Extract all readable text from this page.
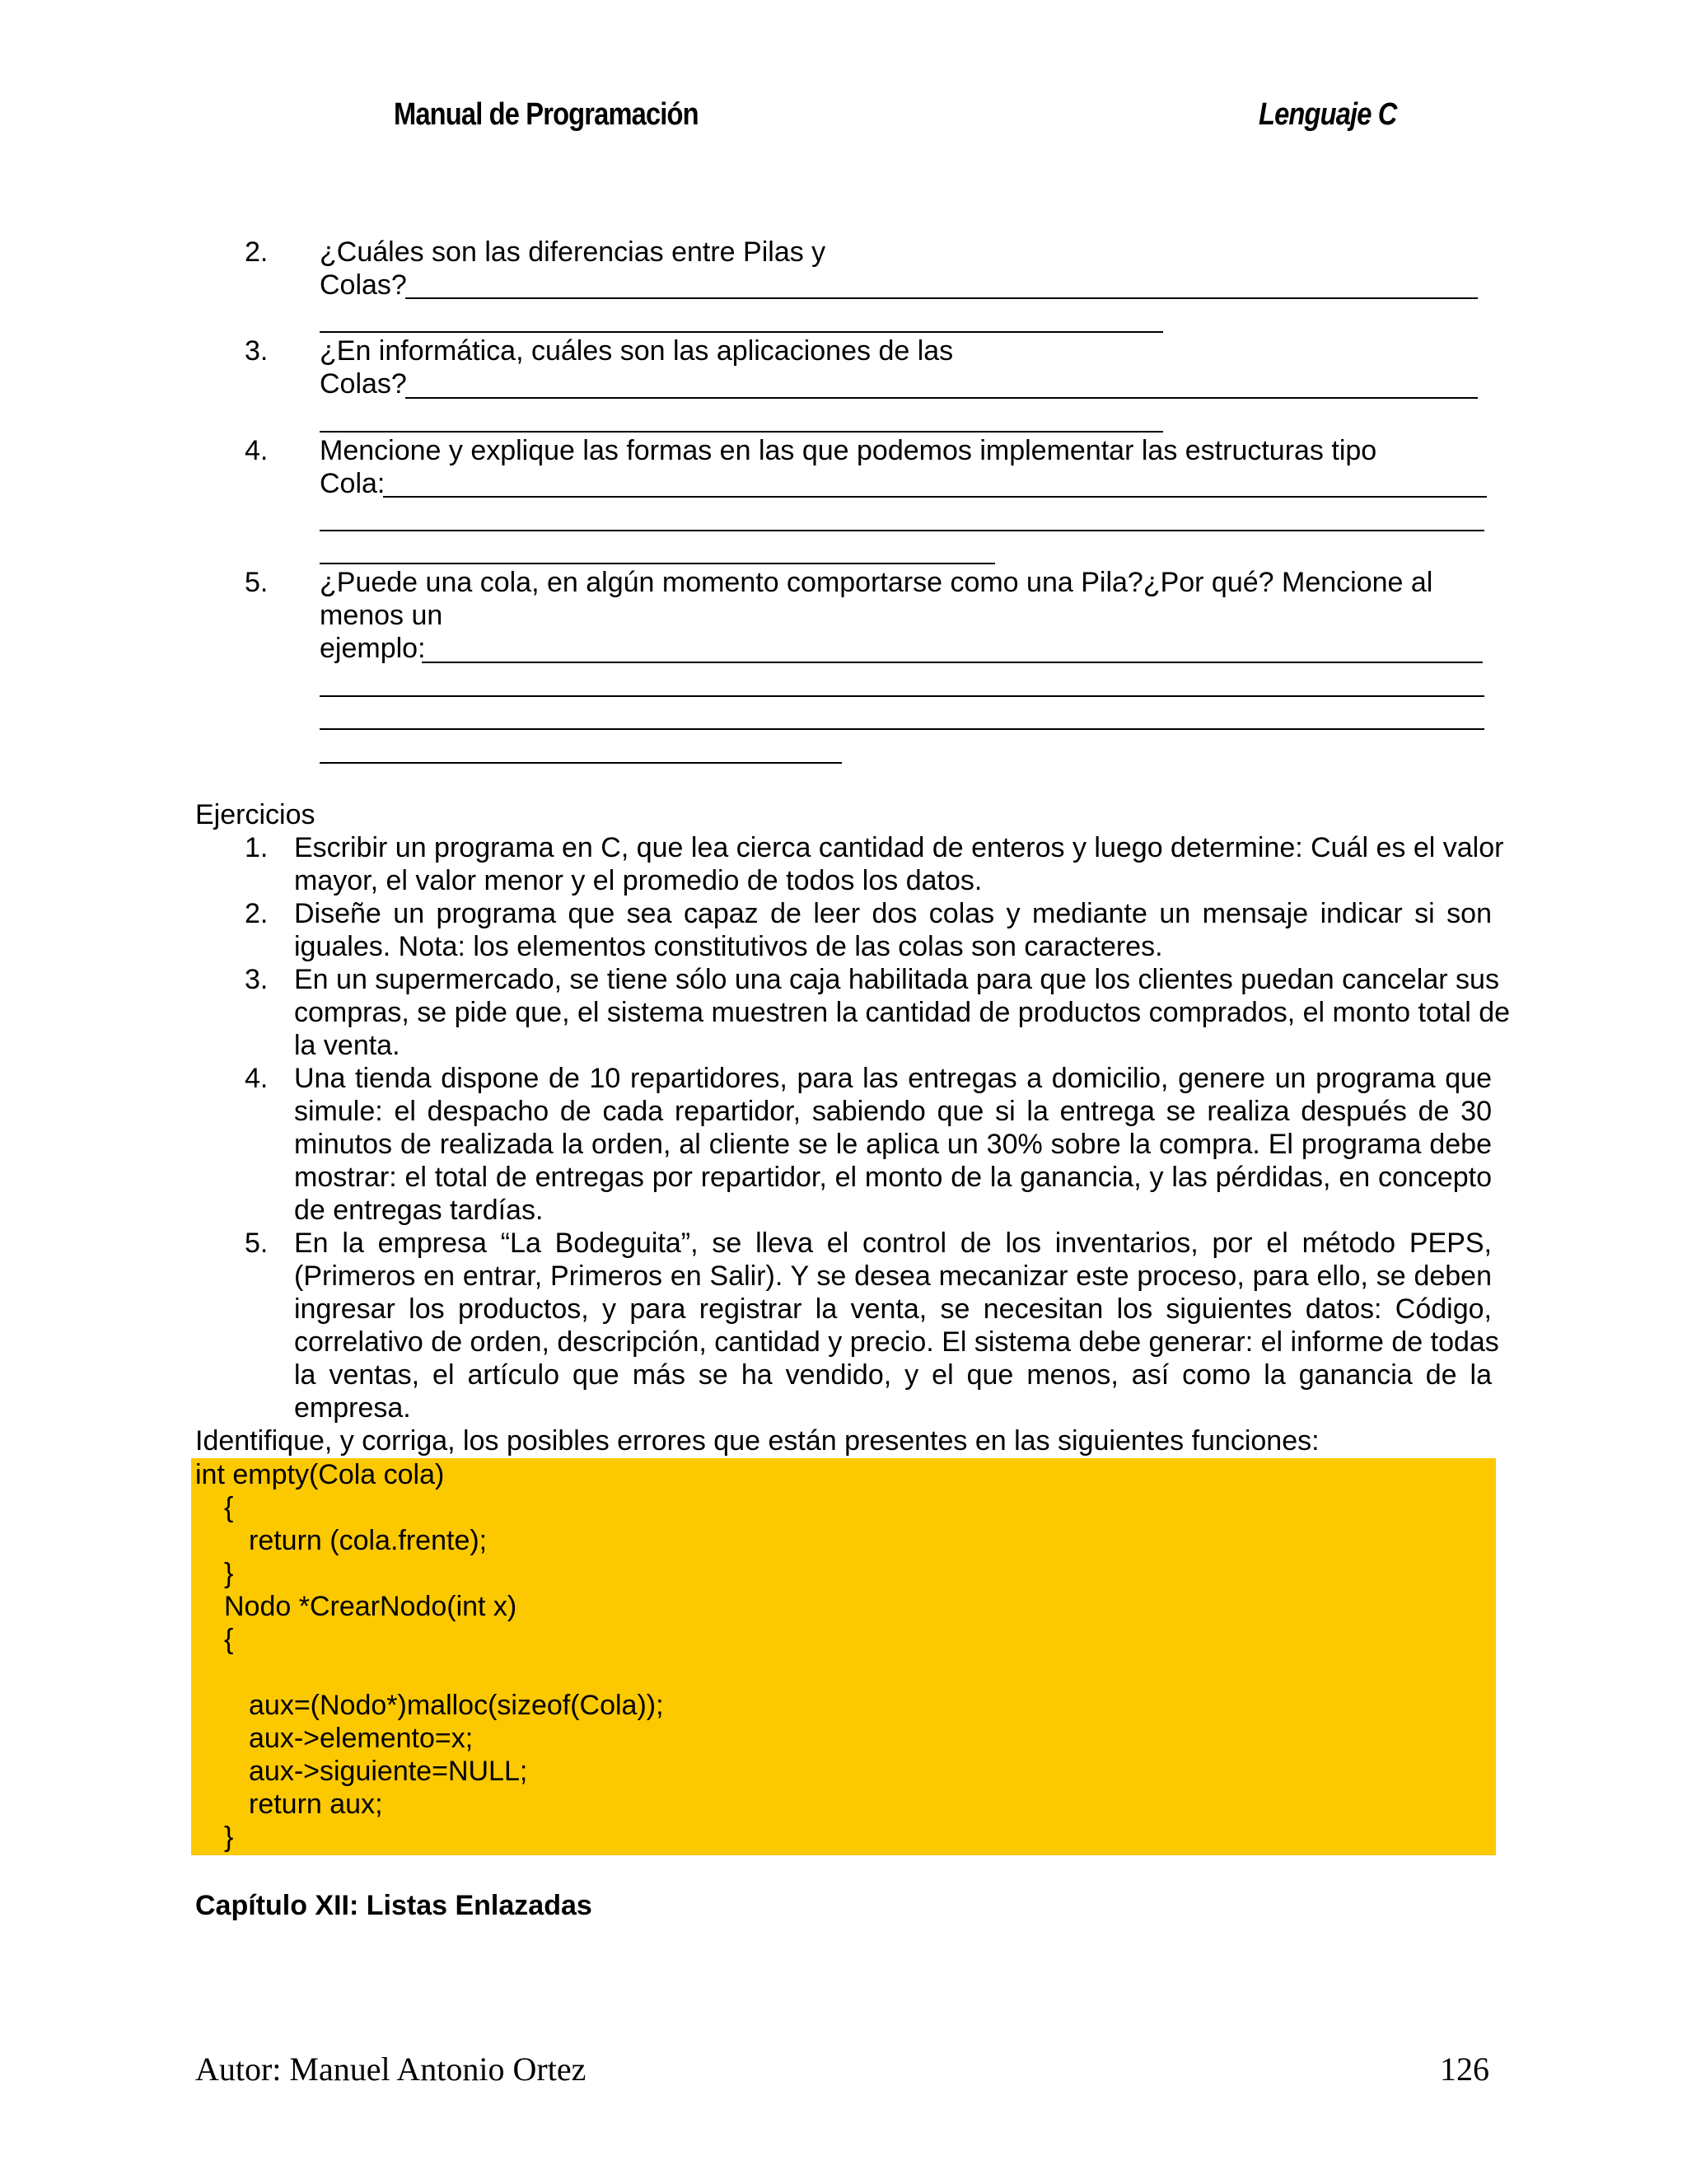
Manual de Programación	Lenguaje C
2. ¿Cuáles son las diferencias entre Pilas y
Colas?
3. ¿En informática, cuáles son las aplicaciones de las
Colas?
4. Mencione y explique las formas en las que podemos implementar las estructuras tipo
Cola:
5. ¿Puede una cola, en algún momento comportarse como una Pila?¿Por qué? Mencione al
menos un
ejemplo:
Ejercicios
1. Escribir un programa en C, que lea cierca cantidad de enteros y luego determine: Cuál es el valor
mayor, el valor menor y el promedio de todos los datos.
2. Diseñe un programa que sea capaz de leer dos colas y mediante un mensaje indicar si son
iguales. Nota: los elementos constitutivos de las colas son caracteres.
3. En un supermercado, se tiene sólo una caja habilitada para que los clientes puedan cancelar sus
compras, se pide que, el sistema muestren la cantidad de productos comprados, el monto total de
la venta.
4. Una tienda dispone de 10 repartidores, para las entregas a domicilio, genere un programa que
simule: el despacho de cada repartidor, sabiendo que si la entrega se realiza después de 30
minutos de realizada la orden, al cliente se le aplica un 30% sobre la compra. El programa debe
mostrar: el total de entregas por repartidor, el monto de la ganancia, y las pérdidas, en concepto
de entregas tardías.
5. En la empresa “La Bodeguita”, se lleva el control de los inventarios, por el método PEPS,
(Primeros en entrar, Primeros en Salir). Y se desea mecanizar este proceso, para ello, se deben
ingresar los productos, y para registrar la venta, se necesitan los siguientes datos: Código,
correlativo de orden, descripción, cantidad y precio. El sistema debe generar: el informe de todas
la ventas, el artículo que más se ha vendido, y el que menos, así como la ganancia de la
empresa.
Identifique, y corriga, los posibles errores que están presentes en las siguientes funciones:
int empty(Cola cola)
{
return (cola.frente);
}
Nodo *CrearNodo(int x)
{
aux=(Nodo*)malloc(sizeof(Cola));
aux->elemento=x;
aux->siguiente=NULL;
return aux;
}
Capítulo XII: Listas Enlazadas
Autor: Manuel Antonio Ortez	126
